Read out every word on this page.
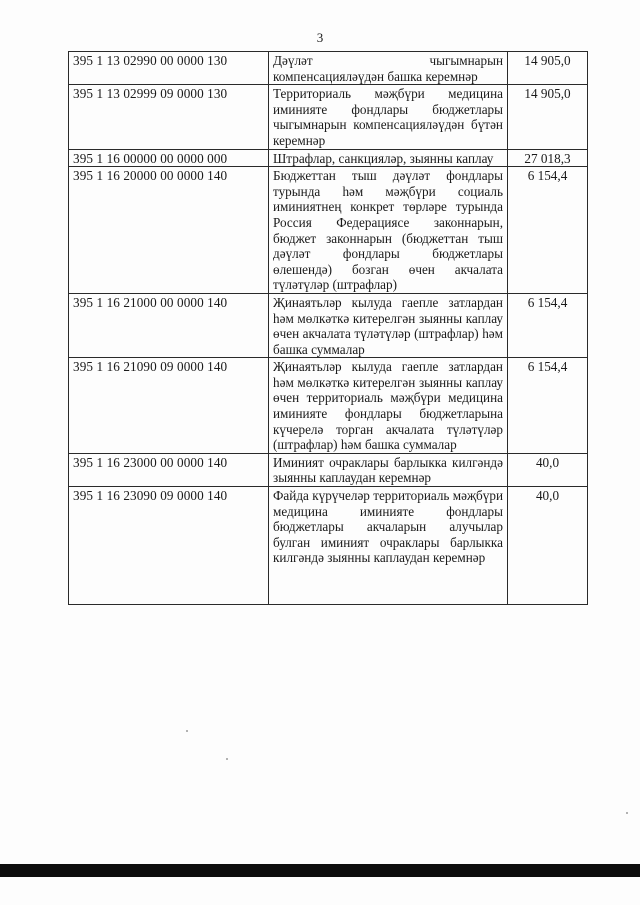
3
395 1 13 02990 00 0000 130	Дәүләт чыгымнарын компенсацияләүдән башка керемнәр	14 905,0
395 1 13 02999 09 0000 130	Территориаль мәҗбүри медицина иминияте фондлары бюджетлары чыгымнарын компенсацияләүдән бүтән керемнәр	14 905,0
395 1 16 00000 00 0000 000	Штрафлар, санкцияләр, зыянны каплау	27 018,3
395 1 16 20000 00 0000 140	Бюджеттан тыш дәүләт фондлары турында һәм мәҗбүри социаль иминиятнең конкрет төрләре турында Россия Федерациясе законнарын, бюджет законнарын (бюджеттан тыш дәүләт фондлары бюджетлары өлешендә) бозган өчен акчалата түләтүләр (штрафлар)	6 154,4
395 1 16 21000 00 0000 140	Җинаятьләр кылуда гаепле затлардан һәм мөлкәткә китерелгән зыянны каплау өчен акчалата түләтүләр (штрафлар) һәм башка суммалар	6 154,4
395 1 16 21090 09 0000 140	Җинаятьләр кылуда гаепле затлардан һәм мөлкәткә китерелгән зыянны каплау өчен территориаль мәҗбүри медицина иминияте фондлары бюджетларына күчерелә торган акчалата түләтүләр (штрафлар) һәм башка суммалар	6 154,4
395 1 16 23000 00 0000 140	Иминият очраклары барлыкка килгәндә зыянны каплаудан керемнәр	40,0
395 1 16 23090 09 0000 140	Файда күрүчеләр территориаль мәҗбүри медицина иминияте фондлары бюджетлары акчаларын алучылар булган иминият очраклары барлыкка килгәндә зыянны каплаудан керемнәр	40,0
